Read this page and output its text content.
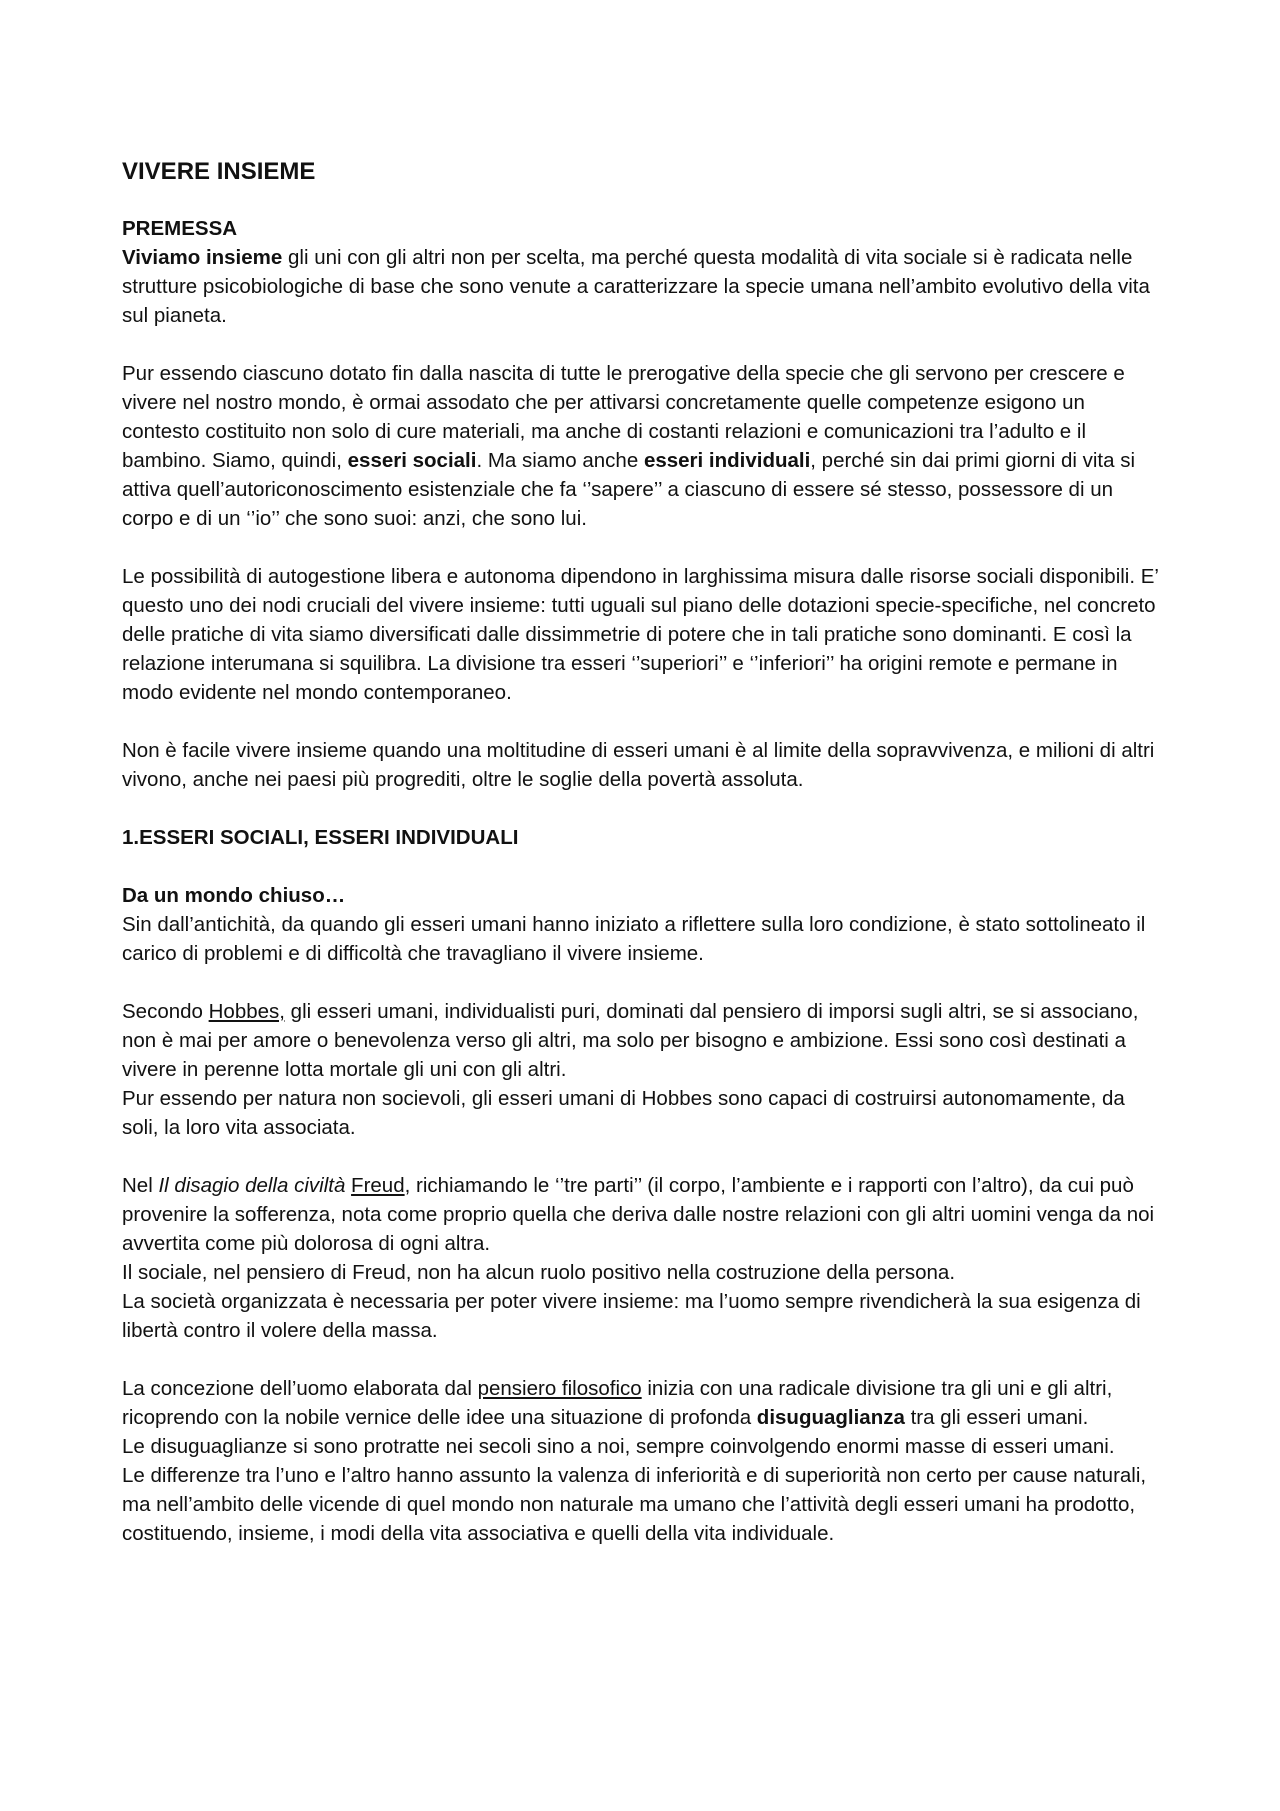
VIVERE INSIEME
PREMESSA

Viviamo insieme gli uni con gli altri non per scelta, ma perché questa modalità di vita sociale si è radicata nelle strutture psicobiologiche di base che sono venute a caratterizzare la specie umana nell’ambito evolutivo della vita sul pianeta.

Pur essendo ciascuno dotato fin dalla nascita di tutte le prerogative della specie che gli servono per crescere e vivere nel nostro mondo, è ormai assodato che per attivarsi concretamente quelle competenze esigono un contesto costituito non solo di cure materiali, ma anche di costanti relazioni e comunicazioni tra l’adulto e il bambino. Siamo, quindi, esseri sociali. Ma siamo anche esseri individuali, perché sin dai primi giorni di vita si attiva quell’autoriconoscimento esistenziale che fa ‘’sapere’’ a ciascuno di essere sé stesso, possessore di un corpo e di un ‘’io’’ che sono suoi: anzi, che sono lui.

Le possibilità di autogestione libera e autonoma dipendono in larghissima misura dalle risorse sociali disponibili. E’ questo uno dei nodi cruciali del vivere insieme: tutti uguali sul piano delle dotazioni specie-specifiche, nel concreto delle pratiche di vita siamo diversificati dalle dissimmetrie di potere che in tali pratiche sono dominanti. E così la relazione interumana si squilibra. La divisione tra esseri ‘’superiori’’ e ‘’inferiori’’ ha origini remote e permane in modo evidente nel mondo contemporaneo.

Non è facile vivere insieme quando una moltitudine di esseri umani è al limite della sopravvivenza, e milioni di altri vivono, anche nei paesi più progrediti, oltre le soglie della povertà assoluta.

1.ESSERI SOCIALI, ESSERI INDIVIDUALI
Da un mondo chiuso…

Sin dall’antichità, da quando gli esseri umani hanno iniziato a riflettere sulla loro condizione, è stato sottolineato il carico di problemi e di difficoltà che travagliano il vivere insieme.

Secondo Hobbes, gli esseri umani, individualisti puri, dominati dal pensiero di imporsi sugli altri, se si associano, non è mai per amore o benevolenza verso gli altri, ma solo per bisogno e ambizione. Essi sono così destinati a vivere in perenne lotta mortale gli uni con gli altri.

Pur essendo per natura non socievoli, gli esseri umani di Hobbes sono capaci di costruirsi autonomamente, da soli, la loro vita associata.

Nel Il disagio della civiltà Freud, richiamando le ‘’tre parti’’ (il corpo, l’ambiente e i rapporti con l’altro), da cui può provenire la sofferenza, nota come proprio quella che deriva dalle nostre relazioni con gli altri uomini venga da noi avvertita come più dolorosa di ogni altra.

Il sociale, nel pensiero di Freud, non ha alcun ruolo positivo nella costruzione della persona.

La società organizzata è necessaria per poter vivere insieme: ma l’uomo sempre rivendicherà la sua esigenza di libertà contro il volere della massa.

La concezione dell’uomo elaborata dal pensiero filosofico inizia con una radicale divisione tra gli uni e gli altri, ricoprendo con la nobile vernice delle idee una situazione di profonda disuguaglianza tra gli esseri umani.

Le disuguaglianze si sono protratte nei secoli sino a noi, sempre coinvolgendo enormi masse di esseri umani.

Le differenze tra l’uno e l’altro hanno assunto la valenza di inferiorità e di superiorità non certo per cause naturali, ma nell’ambito delle vicende di quel mondo non naturale ma umano che l’attività degli esseri umani ha prodotto, costituendo, insieme, i modi della vita associativa e quelli della vita individuale.
